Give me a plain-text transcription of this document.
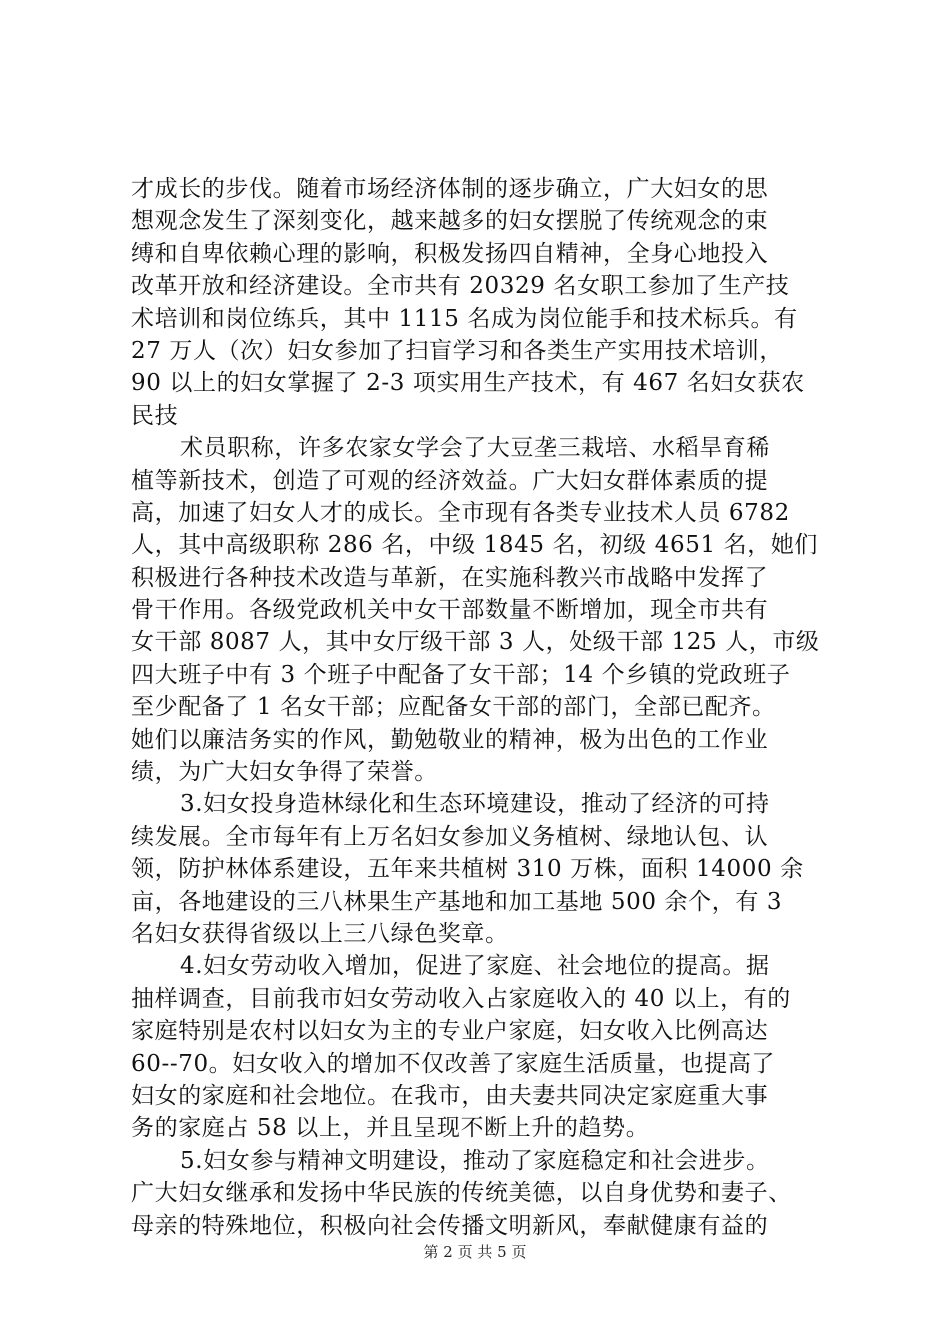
才成长的步伐。随着市场经济体制的逐步确立，广大妇女的思
想观念发生了深刻变化，越来越多的妇女摆脱了传统观念的束
缚和自卑依赖心理的影响，积极发扬四自精神，全身心地投入
改革开放和经济建设。全市共有 20329 名女职工参加了生产技
术培训和岗位练兵，其中 1115 名成为岗位能手和技术标兵。有
27 万人（次）妇女参加了扫盲学习和各类生产实用技术培训，
90 以上的妇女掌握了 2-3 项实用生产技术，有 467 名妇女获农
民技
术员职称，许多农家女学会了大豆垄三栽培、水稻旱育稀
植等新技术，创造了可观的经济效益。广大妇女群体素质的提
高，加速了妇女人才的成长。全市现有各类专业技术人员 6782
人，其中高级职称 286 名，中级 1845 名，初级 4651 名，她们
积极进行各种技术改造与革新，在实施科教兴市战略中发挥了
骨干作用。各级党政机关中女干部数量不断增加，现全市共有
女干部 8087 人，其中女厅级干部 3 人，处级干部 125 人，市级
四大班子中有 3 个班子中配备了女干部；14 个乡镇的党政班子
至少配备了 1 名女干部；应配备女干部的部门，全部已配齐。
她们以廉洁务实的作风，勤勉敬业的精神，极为出色的工作业
绩，为广大妇女争得了荣誉。
3.妇女投身造林绿化和生态环境建设，推动了经济的可持
续发展。全市每年有上万名妇女参加义务植树、绿地认包、认
领，防护林体系建设，五年来共植树 310 万株，面积 14000 余
亩，各地建设的三八林果生产基地和加工基地 500 余个，有 3
名妇女获得省级以上三八绿色奖章。
4.妇女劳动收入增加，促进了家庭、社会地位的提高。据
抽样调查，目前我市妇女劳动收入占家庭收入的 40 以上，有的
家庭特别是农村以妇女为主的专业户家庭，妇女收入比例高达
60--70。妇女收入的增加不仅改善了家庭生活质量，也提高了
妇女的家庭和社会地位。在我市，由夫妻共同决定家庭重大事
务的家庭占 58 以上，并且呈现不断上升的趋势。
5.妇女参与精神文明建设，推动了家庭稳定和社会进步。
广大妇女继承和发扬中华民族的传统美德，以自身优势和妻子、
母亲的特殊地位，积极向社会传播文明新风，奉献健康有益的
第 2 页 共 5 页
